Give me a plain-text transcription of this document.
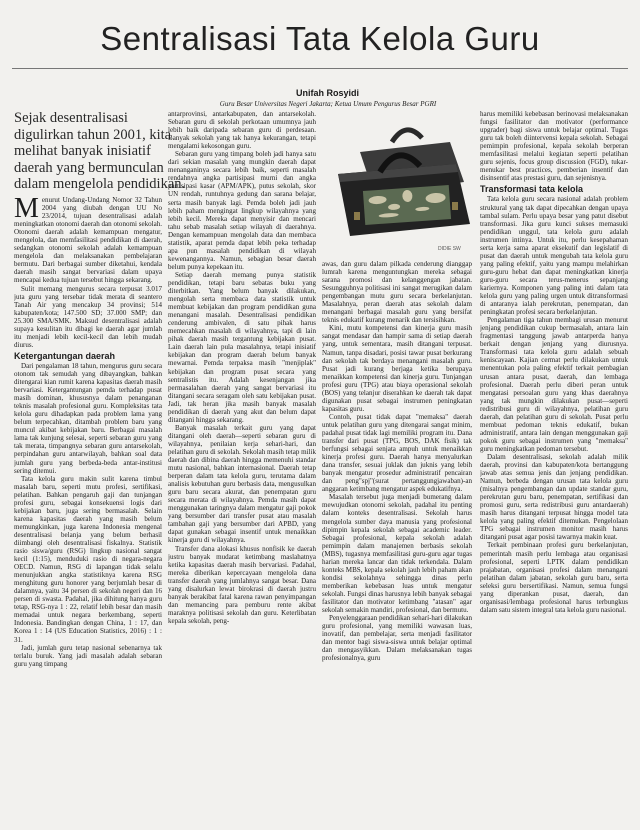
Sentralisasi Tata Kelola Guru
Unifah Rosyidi
Guru Besar Universitas Negeri Jakarta; Ketua Umum Pengurus Besar PGRI
Sejak desentralisasi digulirkan tahun 2001, kita melihat banyak inisiatif daerah yang bermunculan dalam mengelola pendidikan.
DIDIE SW

Menurut Undang-Undang Nomor 32 Tahun 2004 yang diubah dengan UU No 23/2014, tujuan desentralisasi adalah meningkatkan otonomi daerah dan otonomi sekolah. Otonomi daerah adalah kemampuan mengatur, mengelola, dan memfasilitasi pendidikan di daerah, sedangkan otonomi sekolah adalah kemampuan mengelola dan melaksanakan pembelajaran bermutu. Dari berbagai sumber diketahui, kendala daerah masih sangat bervariasi dalam upaya mencapai kedua tujuan tersebut hingga sekarang.

Sulit memang mengurus secara terpusat 3.017 juta guru yang tersebar tidak merata di seantero Tanah Air yang mencakup 34 provinsi; 514 kabupaten/kota; 147.500 SD; 37.000 SMP; dan 25.300 SMA/SMK. Maksud desentralisasi adalah supaya kesulitan itu dibagi ke daerah agar jumlah itu menjadi lebih kecil-kecil dan lebih mudah diurus.

Ketergantungan daerah

Dari pengalaman 18 tahun, mengurus guru secara otonom tak semudah yang dibayangkan, bahkan ditengarai kian rumit karena kapasitas daerah masih bervariasi. Ketergantungan pemda terhadap pusat masih dominan, khususnya dalam penanganan teknis masalah profesional guru. Kompleksitas tata kelola guru dihadapkan pada problem lama yang belum terpecahkan, ditambah problem baru yang muncul akibat kebijakan baru. Berbagai masalah lama tak kunjung selesai, seperti sebaran guru yang tak merata, timpangnya sebaran guru antarsekolah, perpindahan guru antarwilayah, bahkan soal data jumlah guru yang berbeda-beda antar-institusi sering ditemui.

Tata kelola guru makin sulit karena timbul masalah baru, seperti mutu profesi, sertifikasi, pelatihan. Bahkan pengaruh gaji dan tunjangan profesi guru, sebagai konsekuensi logis dari kebijakan baru, juga sering bermasalah. Selain karena kapasitas daerah yang masih belum memungkinkan, juga karena Indonesia mengenal desentralisasi belanja yang belum berhasil diimbangi oleh desentralisasi fiskalnya. Statistik rasio siswa/guru (RSG) lingkup nasional sangat kecil (1:15), menduduki rasio di negara-negara OECD. Namun, RSG di lapangan tidak selalu menunjukkan angka statistiknya karena RSG menghitung guru honorer yang berjumlah besar di dalamnya, yaitu 34 persen di sekolah negeri dan 16 persen di swasta. Padahal, jika dihitung hanya guru tetap, RSG-nya 1 : 22, relatif lebih besar dan masih memadai untuk negara berkembang, seperti Indonesia. Bandingkan dengan China, 1 : 17, dan Korea 1 : 14 (US Education Statistics, 2016) : 1 : 31.

Jadi, jumlah guru tetap nasional sebenarnya tak terlalu buruk. Yang jadi masalah adalah sebaran guru yang timpang

antarprovinsi, antarkabupaten, dan antarsekolah. Sebaran guru di sekolah perkotaan umumnya jauh lebih baik daripada sebaran guru di perdesaan. Banyak sekolah yang tak hanya kekurangan, tetapi mengalami kekosongan guru.

Sebaran guru yang timpang boleh jadi hanya satu dari sekian masalah yang mungkin daerah dapat menanganinya secara lebih baik, seperti masalah rendahnya angka partisipasi murni dan angka partisipasi kasar (APM/APK), putus sekolah, skor UN rendah, runtuhnya gedung dan sarana belajar, serta masih banyak lagi. Pemda boleh jadi jauh lebih paham mengingat lingkup wilayahnya yang lebih kecil. Mereka dapat menyisir dan mencari tahu sebab masalah setiap wilayah di daerahnya. Dengan kemampuan mengolah data dan membaca statistik, aparat pemda dapat lebih peka terhadap apa pun masalah pendidikan di wilayah kewenangannya. Namun, sebagian besar daerah belum punya kepekaan itu.

Setiap daerah memang punya statistik pendidikan, tetapi baru sebatas buku yang diterbitkan. Yang belum banyak dilakukan, mengolah serta membaca data statistik untuk membuat kebijakan dan program pendidikan guna menangani masalah. Desentralisasi pendidikan cenderung ambivalen, di satu pihak harus memecahkan masalah di wilayahnya, tapi di lain pihak daerah masih tergantung kebijakan pusat. Lain daerah lain pula masalahnya, tetapi inisiatif kebijakan dan program daerah belum banyak mewarnai. Pemda terpaksa masih "menjiplak" kebijakan dan program pusat secara yang sentralistis itu. Adalah kesenjangan jika permasalahan daerah yang sangat bervariasi itu ditangani secara seragam oleh satu kebijakan pusat. Jadi, tak heran jika masih banyak masalah pendidikan di daerah yang akut dan belum dapat ditangani hingga sekarang.

Banyak masalah terkait guru yang dapat ditangani oleh daerah—seperti sebaran guru di wilayahnya, penilaian kerja sehari-hari, dan pelatihan guru di sekolah. Sekolah masih tetap milik daerah dan dibina daerah hingga memenuhi standar mutu nasional, bahkan internasional. Daerah tetap berperan dalam tata kelola guru, terutama dalam analisis kebutuhan guru berbasis data, mengusulkan guru baru secara akurat, dan penempatan guru secara merata di wilayahnya. Pemda masih dapat menggunakan taringnya dalam mengatur gaji pokok yang bersumber dari transfer pusat atau masalah tambahan gaji yang bersumber dari APBD, yang dapat gunakan sebagai insentif untuk menaikkan kinerja guru di wilayahnya.

Transfer dana alokasi khusus nonfisik ke daerah justru banyak mudarat ketimbang maslahatnya ketika kapasitas daerah masih bervariasi. Padahal, mereka diberikan kepercayaan mengelola dana transfer daerah yang jumlahnya sangat besar. Dana yang disalurkan lewat birokrasi di daerah justru banyak berakibat fatal karena rawan penyimpangan dan memancing para pemburu rente akibat maraknya politisasi sekolah dan guru. Keterlibatan kepala sekolah, peng-

awas, dan guru dalam pilkada cenderung dianggap lumrah karena menguntungkan mereka sebagai sarana promosi dan kelanggengan jabatan. Sesungguhnya politisasi ini sangat merugikan dalam pengembangan mutu guru secara berkelanjutan. Masalahnya, peran daerah atas sekolah dalam menangani berbagai masalah guru yang bersifat teknis edukatif kurang menarik dan tersisihkan.

Kini, mutu kompetensi dan kinerja guru masih sangat mendasar dan hampir sama di setiap daerah yang, untuk sementara, masih ditangani terpusat. Namun, tanpa disadari, posisi tawar pusat berkurang dan sekolah tak berdaya menangani masalah guru. Pusat jadi kurang berjaga ketika berupaya menaikkan kompetensi dan kinerja guru. Tunjangan profesi guru (TPG) atau biaya operasional sekolah (BOS) yang telanjur diserahkan ke daerah tak dapat digunakan pusat sebagai instrumen peningkatan kapasitas guru.

Contoh, pusat tidak dapat "memaksa" daerah untuk pelatihan guru yang ditengarai sangat minim, padahal pusat tidak lagi memiliki program itu. Dana transfer dari pusat (TPG, BOS, DAK fisik) tak berfungsi sebagai senjata ampuh untuk menaikkan kinerja profesi guru. Daerah hanya menyalurkan dana transfer, sesuai juklak dan juknis yang lebih banyak mengatur prosedur administratif pencairan dan peng"spj"(surat pertanggungjawaban)-an anggaran ketimbang mengatur aspek edukatifnya.

Masalah tersebut juga menjadi bumerang dalam mewujudkan otonomi sekolah, padahal itu penting dalam konteks desentralisasi. Sekolah harus mengelola sumber daya manusia yang profesional dipimpin kepala sekolah sebagai academic leader. Sebagai profesional, kepala sekolah adalah pemimpin dalam manajemen berbasis sekolah (MBS), tugasnya memfasilitasi guru-guru agar tugas harian mereka lancar dan tidak terkendala. Dalam konteks MBS, kepala sekolah jauh lebih paham akan kondisi sekolahnya sehingga dinas perlu memberikan kebebasan luas untuk mengatur sekolah. Fungsi dinas harusnya lebih banyak sebagai fasilitator dan motivator ketimbang "atasan" agar sekolah semakin mandiri, profesional, dan bermutu.

Penyelenggaraan pendidikan seharí-hari dilakukan guru profesional, yang memiliki wawasan luas, inovatif, dan pembelajar, serta menjadi fasilitator dan mentor bagi siswa-siswa untuk belajar optimal dan mengasyikkan. Dalam melaksanakan tugas profesionalnya, guru

harus memiliki kebebasan berinovasi melaksanakan fungsi fasilitator dan motivator (performance upgrader) bagi siswa untuk belajar optimal. Tugas guru tak boleh diintervensi kepala sekolah. Sebagai pemimpin profesional, kepala sekolah berperan memfasilitasi melalui kegiatan seperti pelatihan guru sejenis, focus group discussion (FGD), tukar-menukar best practices, pemberian insentif dan disinsentif atas prestasi guru, dan sejenisnya.

Transformasi tata kelola

Tata kelola guru secara nasional adalah problem struktural yang tak dapat dipecahkan dengan upaya tambal sulam. Perlu upaya besar yang patut disebut transformasi. Jika guru kunci sukses memasuki pendidikan unggul, tata kelola guru adalah instrumen intinya. Untuk itu, perlu kesepahaman serta kerja sama aparat eksekutif dan legislatif di pusat dan daerah untuk mengubah tata kelola guru yang paling efektif, yaitu yang mampu melahirkan guru-guru hebat dan dapat meningkatkan kinerja guru-guru secara terus-menerus sepanjang kariernya. Komponen yang paling inti dalam tata kelola guru yang paling urgen untuk ditransformasi di antaranya ialah perekrutan, penempatan, dan peningkatan profesi secara berkelanjutan.

Pengalaman tiga tahun membagi urusan menurut jenjang pendidikan cukup bermasalah, antara lain fragmentasi tanggung jawab antarperda hanya berkait dengan jenjang yang diurusnya. Transformasi tata kelola guru adalah sebuah keniscayaan. Kajian cermat perlu dilakukan untuk menentukan pola paling efektif terkait pembagian urusan antara pusat, daerah, dan lembaga profesional. Daerah perlu diberi peran untuk mengatasi persoalan guru yang khas daerahnya yang tak mungkin dilakukan pusat—seperti redistribusi guru di wilayahnya, pelatihan guru daerah, dan pelatihan guru di sekolah. Pusat perlu membuat pedoman teknis edukatif, bukan administratif, antara lain dengan menggunakan gaji pokok guru sebagai instrumen yang "memaksa" guru meningkatkan pedoman tersebut.

Dalam desentralisasi, sekolah adalah milik daerah, provinsi dan kabupaten/kota bertanggung jawab atas semua jenis dan jenjang pendidikan. Namun, berbeda dengan urusan tata kelola guru (misalnya pengembangan dan update standar guru, perekrutan guru baru, penempatan, sertifikasi dan promosi guru, serta redistribusi guru antardaerah) masih harus ditangani terpusat hingga model tata kelola yang paling efektif ditemukan. Pengelolaan TPG sebagai instrumen monitor masih harus ditangani pusat agar posisi tawarnya makin kuat.

Terkait pembinaan profesi guru berkelanjutan, pemerintah masih perlu lembaga atau organisasi profesional, seperti LPTK dalam pendidikan prajabatan, organisasi profesi dalam menangani pelatihan dalam jabatan, sekolah guru baru, serta seleksi guru bersertifikasi. Namun, semua fungsi yang diperankan pusat, daerah, dan organisasi/lembaga profesional harus terbungkus dalam satu sistem integral tata kelola guru nasional.
